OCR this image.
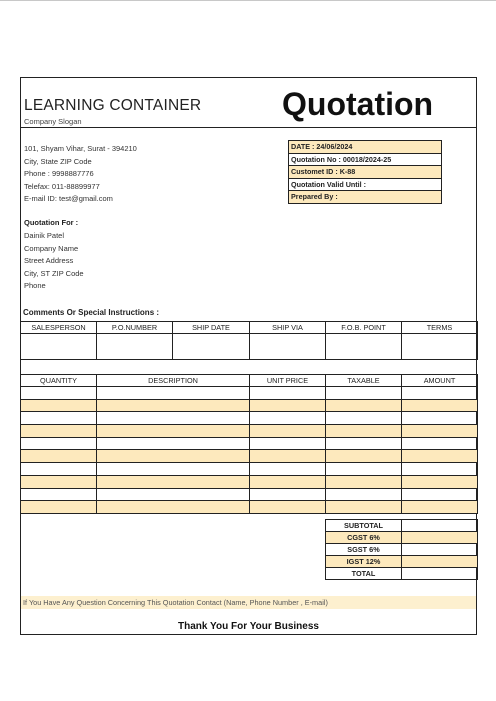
LEARNING CONTAINER
Company Slogan	Quotation
101, Shyam Vihar, Surat - 394210
City, State ZIP Code
Phone : 9998887776
Telefax: 011-88899977
E-mail ID: test@gmail.com
DATE : 24/06/2024
Quotation No : 00018/2024-25
Customet ID : K-88
Quotation Valid Until :
Prepared By :
Quotation For :
Dainik Patel
Company Name
Street Address
City, ST ZIP Code
Phone
Comments Or Special Instructions :
SALESPERSON	P.O.NUMBER	SHIP DATE	SHIP VIA	F.O.B. POINT	TERMS

QUANTITY	DESCRIPTION	UNIT PRICE	TAXABLE	AMOUNT

SUBTOTAL	
CGST 6%	
SGST 6%	
IGST 12%	
TOTAL	
If You Have Any Question Concerning This Quotation Contact (Name, Phone Number , E-mail)
Thank You For Your Business
